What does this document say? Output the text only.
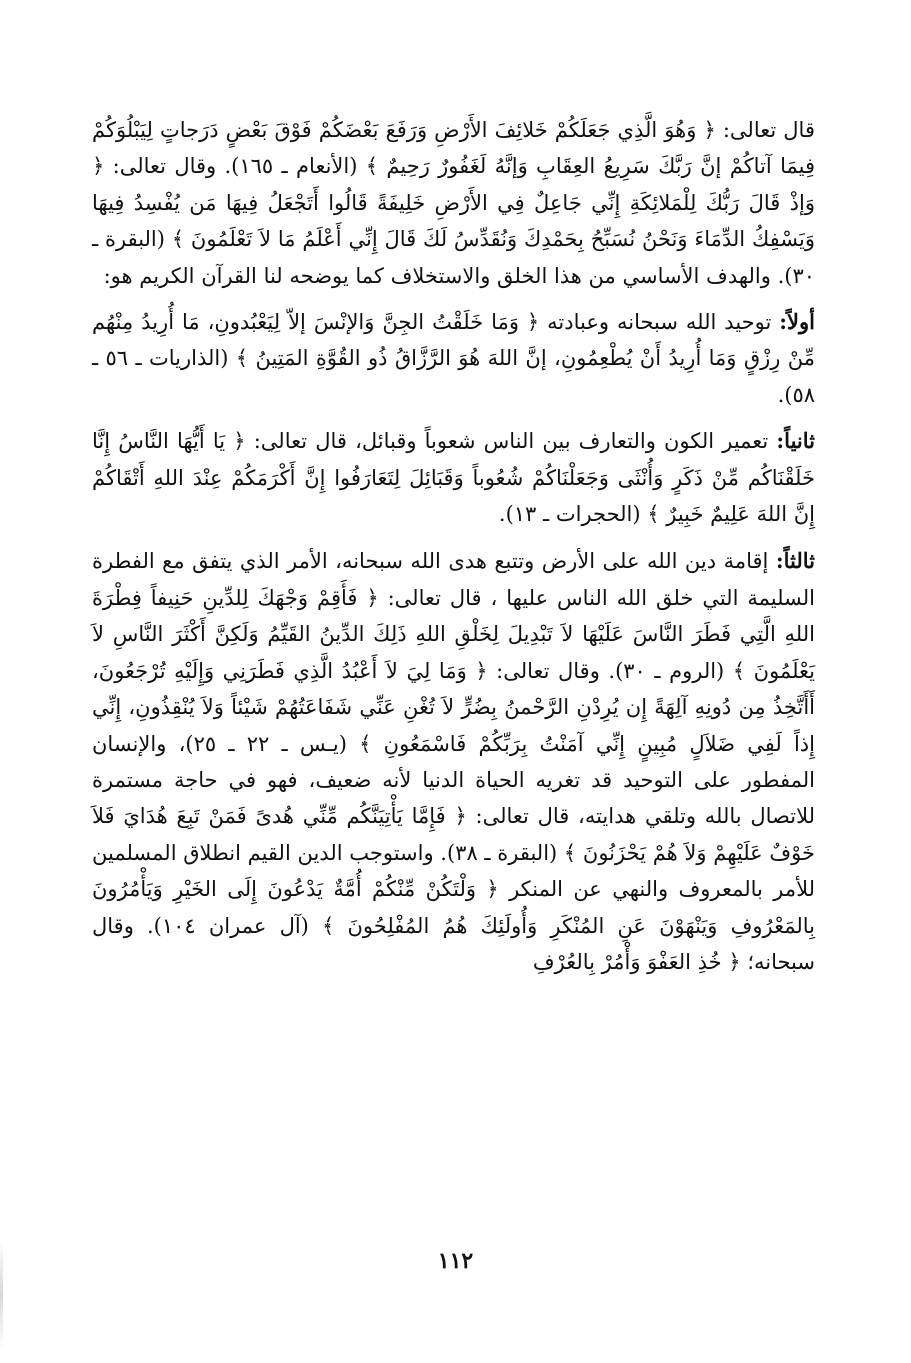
قال تعالى: ﴿ وَهُوَ الَّذِي جَعَلَكُمْ خَلائِفَ الأَرْضِ وَرَفَعَ بَعْضَكُمْ فَوْقَ بَعْضٍ دَرَجاتٍ لِيَبْلُوَكُمْ فِيمَا آتاكُمْ إنَّ رَبَّكَ سَرِيعُ العِقَابِ وَإنَّهُ لَغَفُورٌ رَحِيمٌ ﴾ (الأنعام ـ ١٦٥). وقال تعالى: ﴿ وَإذْ قَالَ رَبُّكَ لِلْمَلائِكَةِ إِنِّي جَاعِلٌ فِي الأَرْضِ خَلِيفَةً قَالُوا أَتَجْعَلُ فِيهَا مَن يُفْسِدُ فِيهَا وَيَسْفِكُ الدِّمَاءَ وَنَحْنُ نُسَبِّحُ بِحَمْدِكَ وَنُقَدِّسُ لَكَ قَالَ إِنِّي أَعْلَمُ مَا لاَ تَعْلَمُونَ ﴾ (البقرة ـ ٣٠). والهدف الأساسي من هذا الخلق والاستخلاف كما يوضحه لنا القرآن الكريم هو:

أولاً: توحيد الله سبحانه وعبادته ﴿ وَمَا خَلَقْتُ الجِنَّ وَالإنْسَ إلاّ لِيَعْبُدونِ، مَا أُرِيدُ مِنْهُم مِّنْ رِزْقٍ وَمَا أُرِيدُ أَنْ يُطْعِمُونِ، إنَّ اللهَ هُوَ الرَّزَّاقُ ذُو القُوَّةِ المَتِينُ ﴾ (الذاريات ـ ٥٦ ـ ٥٨).

ثانياً: تعمير الكون والتعارف بين الناس شعوباً وقبائل، قال تعالى: ﴿ يَا أَيُّهَا النَّاسُ إِنَّا خَلَقْنَاكُم مِّنْ ذَكَرٍ وَأُنْثَى وَجَعَلْنَاكُمْ شُعُوباً وَقَبَائِلَ لِتَعَارَفُوا إِنَّ أَكْرَمَكُمْ عِنْدَ اللهِ أَتْقَاكُمْ إِنَّ اللهَ عَلِيمٌ خَبِيرٌ ﴾ (الحجرات ـ ١٣).

ثالثاً: إقامة دين الله على الأرض وتتبع هدى الله سبحانه، الأمر الذي يتفق مع الفطرة السليمة التي خلق الله الناس عليها ، قال تعالى: ﴿ فَأَقِمْ وَجْهَكَ لِلدِّينِ حَنِيفاً فِطْرَةَ اللهِ الَّتِي فَطَرَ النَّاسَ عَلَيْهَا لاَ تَبْدِيلَ لِخَلْقِ اللهِ ذَلِكَ الدِّينُ القَيِّمُ وَلَكِنَّ أَكْثَرَ النَّاسِ لاَ يَعْلَمُونَ ﴾ (الروم ـ ٣٠). وقال تعالى: ﴿ وَمَا لِيَ لاَ أَعْبُدُ الَّذِي فَطَرَنِي وَإِلَيْهِ تُرْجَعُونَ، أَأَتَّخِذُ مِن دُونِهِ آلِهَةً إِن يُرِدْنِ الرَّحْمنُ بِضُرٍّ لاَ تُغْنِ عَنِّي شَفَاعَتُهُمْ شَيْئاً وَلاَ يُنْقِذُونِ، إِنِّي إِذاً لَفِي ضَلاَلٍ مُبِينٍ إِنِّي آمَنْتُ بِرَبِّكُمْ فَاسْمَعُونِ ﴾ (يـس ـ ٢٢ ـ ٢٥)، والإنسان المفطور على التوحيد قد تغريه الحياة الدنيا لأنه ضعيف، فهو في حاجة مستمرة للاتصال بالله وتلقي هدايته، قال تعالى: ﴿ فَإِمَّا يَأْتِيَنَّكُم مِّنِّي هُدىً فَمَنْ تَبِعَ هُدَايَ فَلاَ خَوْفٌ عَلَيْهِمْ وَلاَ هُمْ يَحْزَنُونَ ﴾ (البقرة ـ ٣٨). واستوجب الدين القيم انطلاق المسلمين للأمر بالمعروف والنهي عن المنكر ﴿ وَلْتَكُنْ مِّنْكُمْ أُمَّةٌ يَدْعُونَ إِلَى الخَيْرِ وَيَأْمُرُونَ بِالمَعْرُوفِ وَيَنْهَوْنَ عَنِ المُنْكَرِ وَأُولَئِكَ هُمُ المُفْلِحُونَ ﴾ (آل عمران ١٠٤). وقال سبحانه؛ ﴿ خُذِ العَفْوَ وَأْمُرْ بِالعُرْفِ

١١٢
